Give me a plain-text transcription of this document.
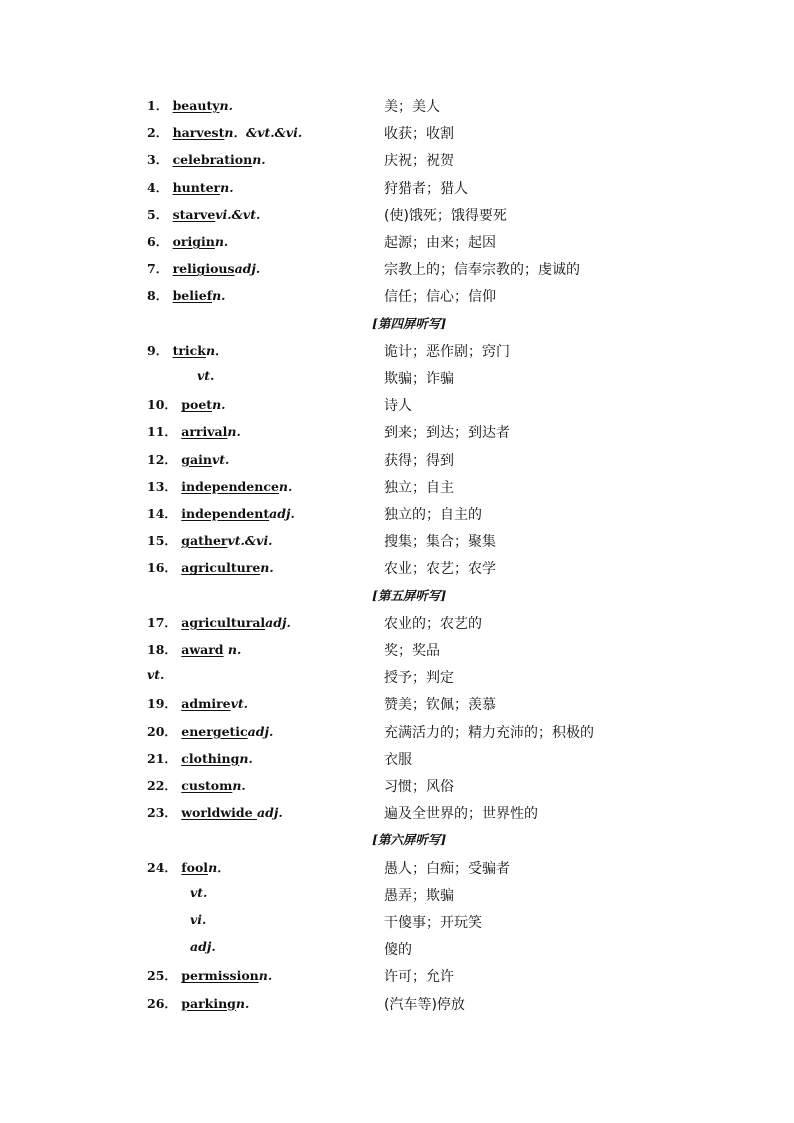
1． beautyn.	美；美人
2． harvestn．&vt.&vi.	收获；收割
3． celebrationn.	庆祝；祝贺
4． huntern.	狩猎者；猎人
5． starvevi.&vt.	(使)饿死；饿得要死
6． originn.	起源；由来；起因
7． religiousadj.	宗教上的；信奉宗教的；虔诚的
8． beliefn.	信任；信心；信仰
[第四屏听写]
9． trickn．	诡计；恶作剧；窍门
vt.	欺骗；诈骗
10． poetn.	诗人
11． arrivaln.	到来；到达；到达者
12． gainvt.	获得；得到
13． independencen.	独立；自主
14． independentadj.	独立的；自主的
15． gathervt.&vi.	搜集；集合；聚集
16． agriculturen.	农业；农艺；农学
[第五屏听写]
17． agriculturaladj.	农业的；农艺的
18． award n.	奖；奖品
vt.	授予；判定
19． admirevt.	赞美；钦佩；羡慕
20． energeticadj.	充满活力的；精力充沛的；积极的
21． clothingn.	衣服
22． customn.	习惯；风俗
23． worldwide adj.	遍及全世界的；世界性的
[第六屏听写]
24． fooln．	愚人；白痴；受骗者
vt.	愚弄；欺骗
vi.	干傻事；开玩笑
adj.	傻的
25． permissionn.	许可；允许
26． parkingn.	(汽车等)停放
